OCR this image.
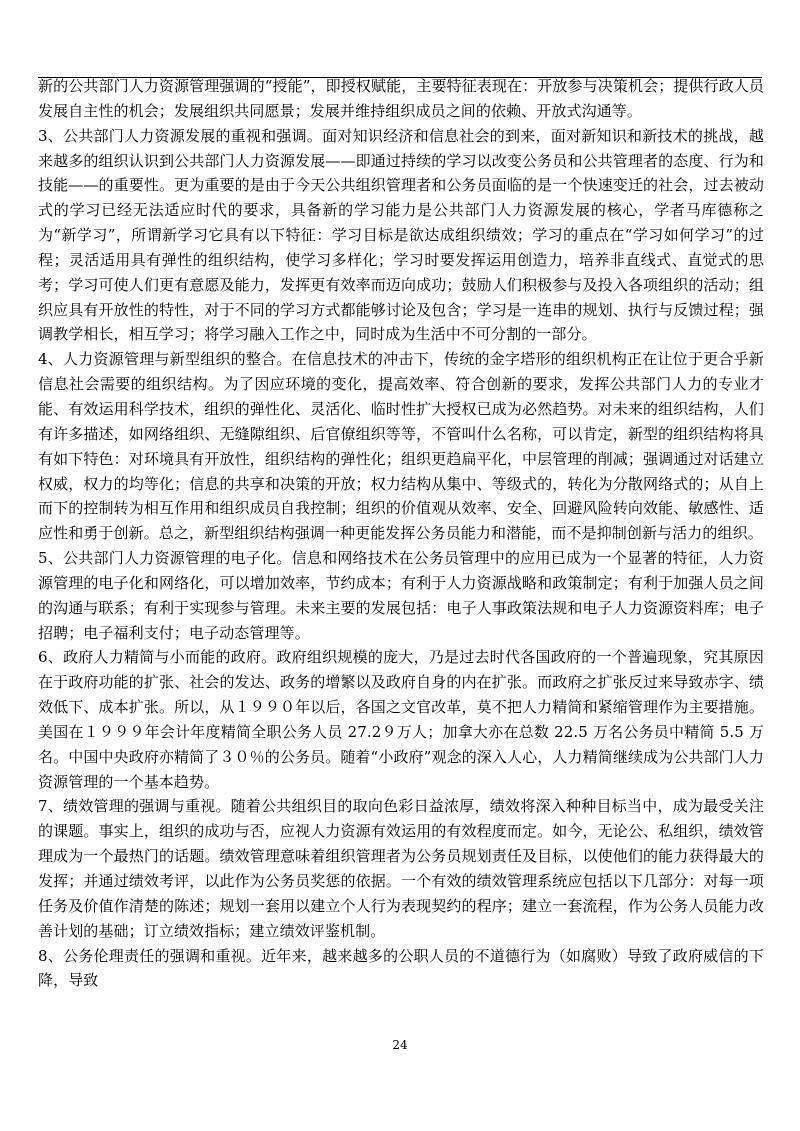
新的公共部门人力资源管理强调的“授能”，即授权赋能，主要特征表现在：开放参与决策机会；提供行政人员发展自主性的机会；发展组织共同愿景；发展并维持组织成员之间的依赖、开放式沟通等。

3、公共部门人力资源发展的重视和强调。面对知识经济和信息社会的到来，面对新知识和新技术的挑战，越来越多的组织认识到公共部门人力资源发展——即通过持续的学习以改变公务员和公共管理者的态度、行为和技能——的重要性。更为重要的是由于今天公共组织管理者和公务员面临的是一个快速变迁的社会，过去被动式的学习已经无法适应时代的要求，具备新的学习能力是公共部门人力资源发展的核心，学者马库德称之为“新学习”，所谓新学习它具有以下特征：学习目标是欲达成组织绩效；学习的重点在“学习如何学习”的过程；灵活适用具有弹性的组织结构，使学习多样化；学习时要发挥运用创造力，培养非直线式、直觉式的思考；学习可使人们更有意愿及能力，发挥更有效率而迈向成功；鼓励人们积极参与及投入各项组织的活动；组织应具有开放性的特性，对于不同的学习方式都能够讨论及包含；学习是一连串的规划、执行与反馈过程；强调教学相长，相互学习；将学习融入工作之中，同时成为生活中不可分割的一部分。

4、人力资源管理与新型组织的整合。在信息技术的冲击下，传统的金字塔形的组织机构正在让位于更合乎新信息社会需要的组织结构。为了因应环境的变化，提高效率、符合创新的要求，发挥公共部门人力的专业才能、有效运用科学技术，组织的弹性化、灵活化、临时性扩大授权已成为必然趋势。对未来的组织结构，人们有许多描述，如网络组织、无缝隙组织、后官僚组织等等，不管叫什么名称，可以肯定，新型的组织结构将具有如下特色：对环境具有开放性，组织结构的弹性化；组织更趋扁平化，中层管理的削减；强调通过对话建立权威，权力的均等化；信息的共享和决策的开放；权力结构从集中、等级式的，转化为分散网络式的；从自上而下的控制转为相互作用和组织成员自我控制；组织的价值观从效率、安全、回避风险转向效能、敏感性、适应性和勇于创新。总之，新型组织结构强调一种更能发挥公务员能力和潜能，而不是抑制创新与活力的组织。

5、公共部门人力资源管理的电子化。信息和网络技术在公务员管理中的应用已成为一个显著的特征，人力资源管理的电子化和网络化，可以增加效率，节约成本；有利于人力资源战略和政策制定；有利于加强人员之间的沟通与联系；有利于实现参与管理。未来主要的发展包括：电子人事政策法规和电子人力资源资料库；电子招聘；电子福利支付；电子动态管理等。

6、政府人力精简与小而能的政府。政府组织规模的庞大，乃是过去时代各国政府的一个普遍现象，究其原因在于政府功能的扩张、社会的发达、政务的增繁以及政府自身的内在扩张。而政府之扩张反过来导致赤字、绩效低下、成本扩张。所以，从１９９０年以后，各国之文官改革，莫不把人力精简和紧缩管理作为主要措施。美国在１９９９年会计年度精简全职公务人员 27.2９万人；加拿大亦在总数 22.5 万名公务员中精简 5.5 万名。中国中央政府亦精简了３０％的公务员。随着“小政府”观念的深入人心，人力精简继续成为公共部门人力资源管理的一个基本趋势。

7、绩效管理的强调与重视。随着公共组织目的取向色彩日益浓厚，绩效将深入种种目标当中，成为最受关注的课题。事实上，组织的成功与否，应视人力资源有效运用的有效程度而定。如今，无论公、私组织，绩效管理成为一个最热门的话题。绩效管理意味着组织管理者为公务员规划责任及目标，以使他们的能力获得最大的发挥；并通过绩效考评，以此作为公务员奖惩的依据。一个有效的绩效管理系统应包括以下几部分：对每一项任务及价值作清楚的陈述；规划一套用以建立个人行为表现契约的程序；建立一套流程，作为公务人员能力改善计划的基础；订立绩效指标；建立绩效评鉴机制。

8、公务伦理责任的强调和重视。近年来，越来越多的公职人员的不道德行为（如腐败）导致了政府威信的下降，导致

24
